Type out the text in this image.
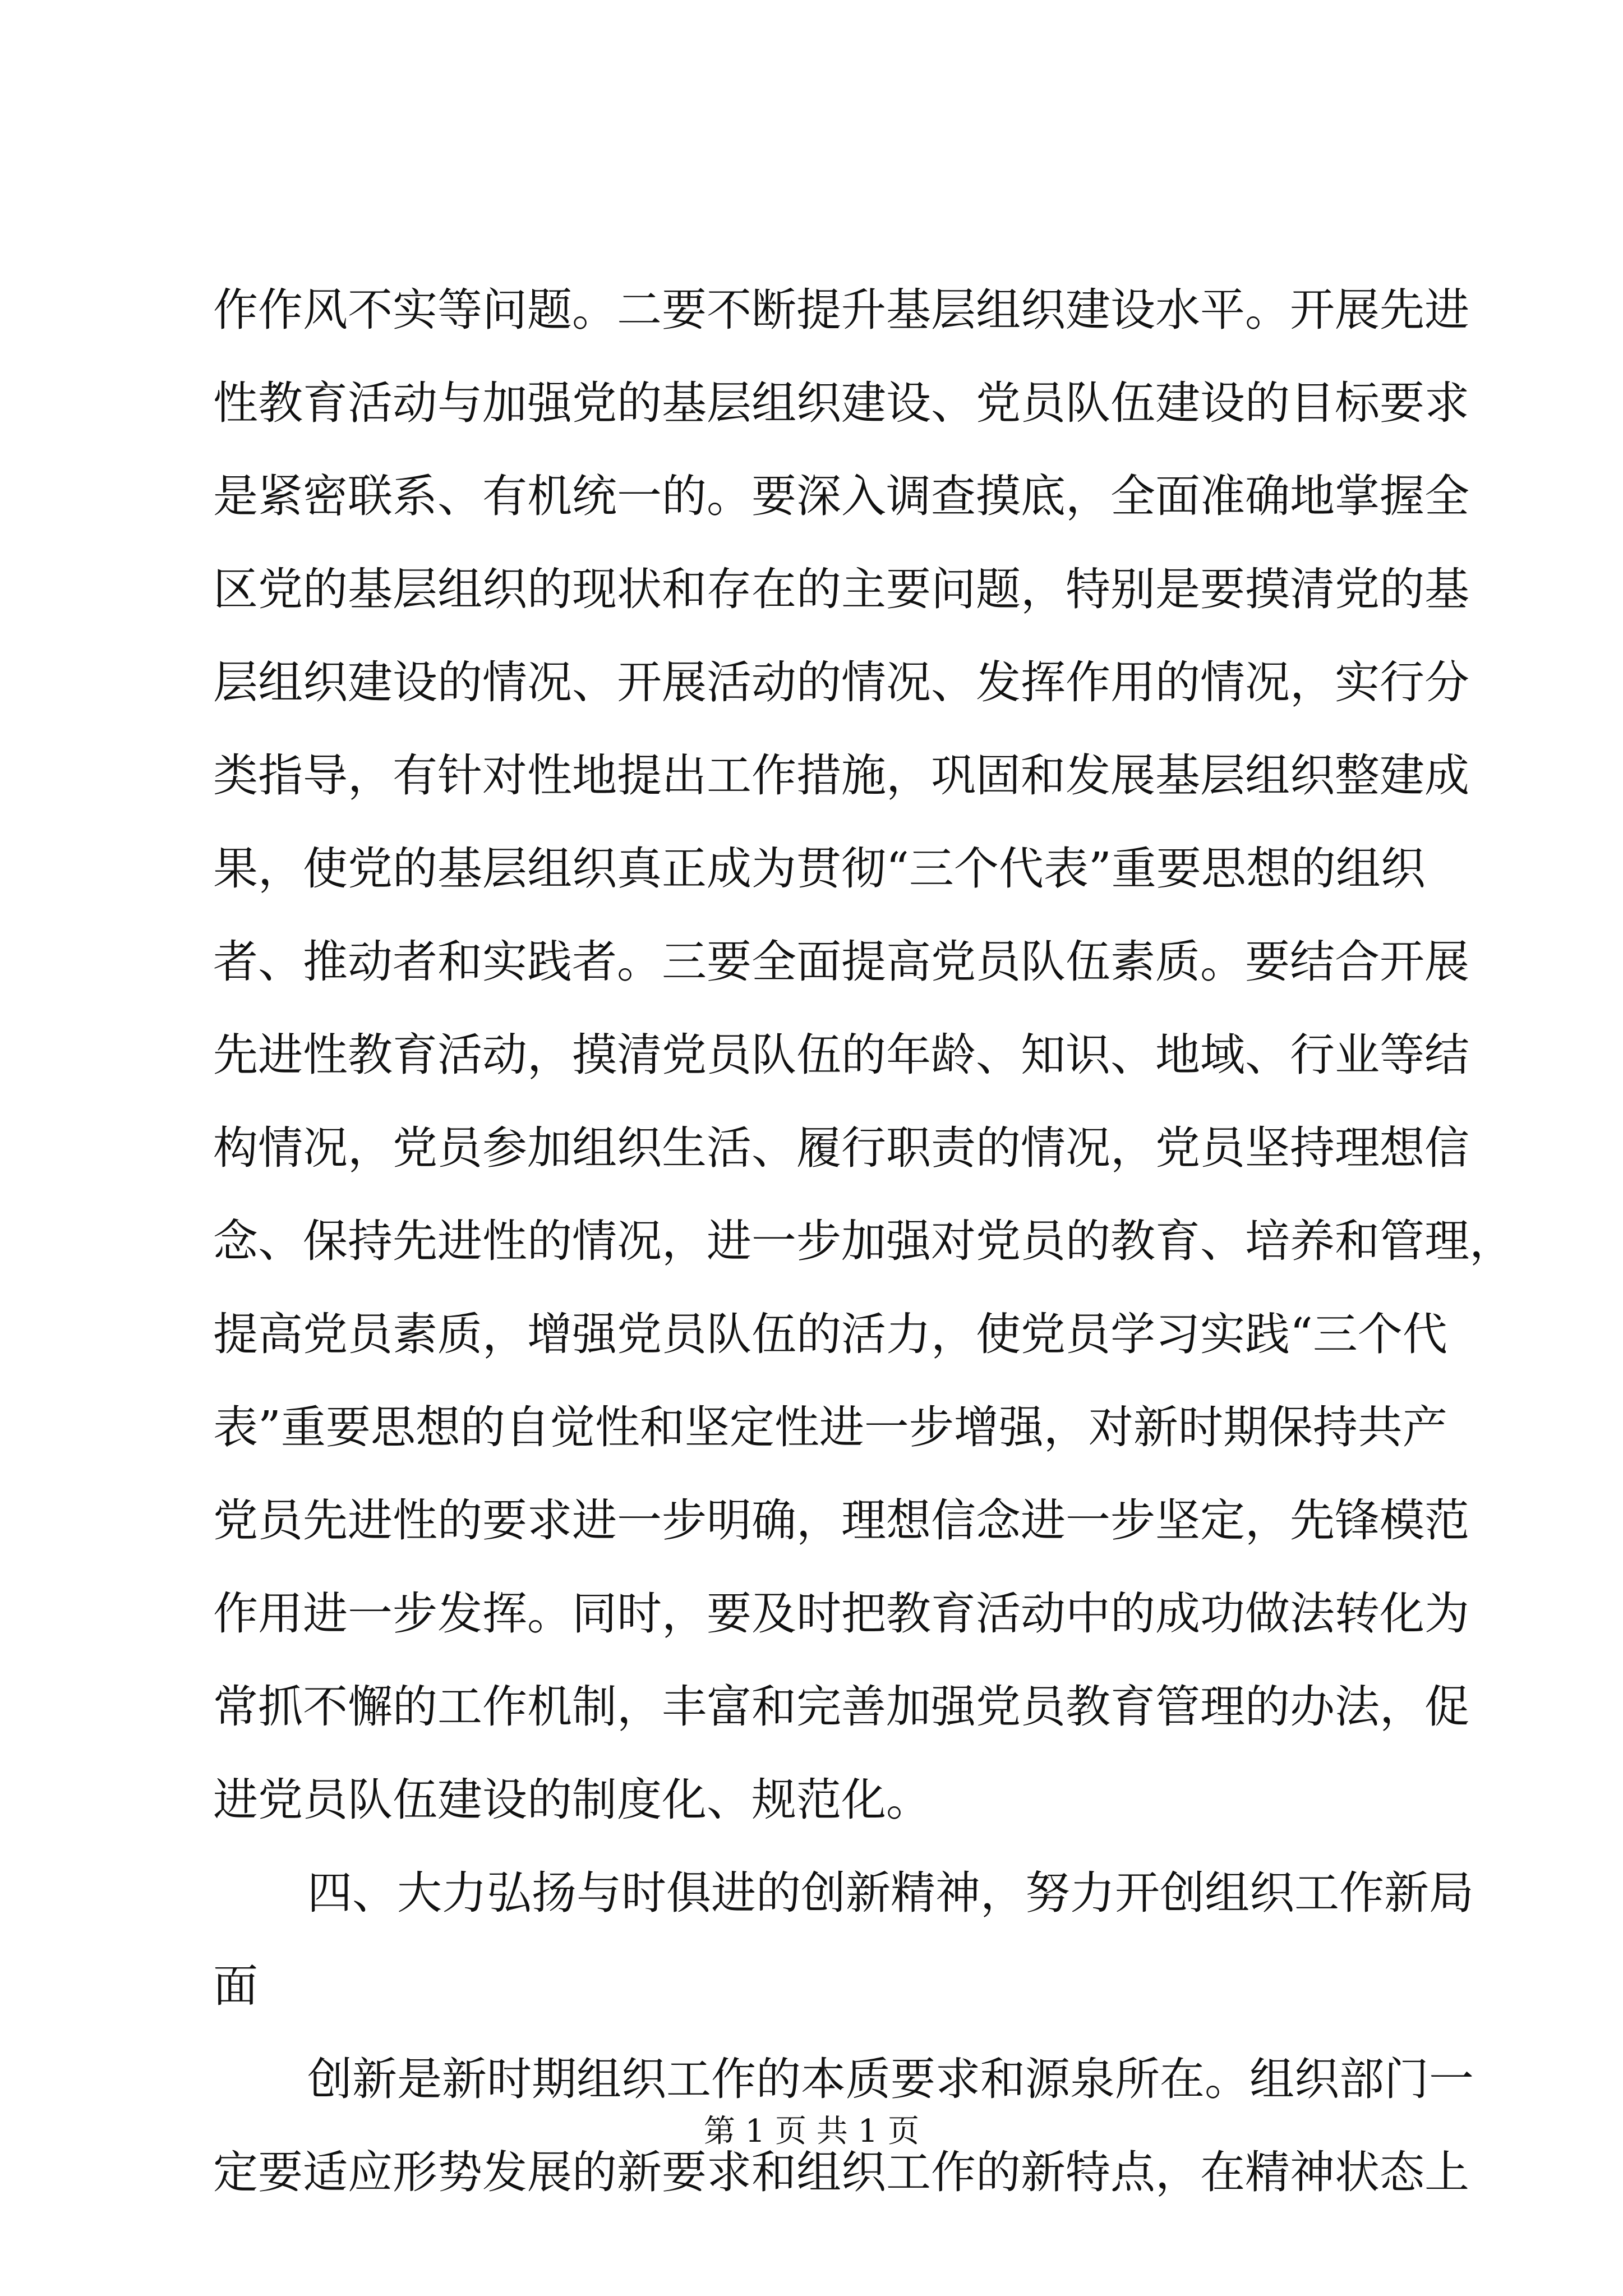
作作风不实等问题。二要不断提升基层组织建设水平。开展先进
性教育活动与加强党的基层组织建设、党员队伍建设的目标要求
是紧密联系、有机统一的。要深入调查摸底，全面准确地掌握全
区党的基层组织的现状和存在的主要问题，特别是要摸清党的基
层组织建设的情况、开展活动的情况、发挥作用的情况，实行分
类指导，有针对性地提出工作措施，巩固和发展基层组织整建成
果，使党的基层组织真正成为贯彻“三个代表”重要思想的组织
者、推动者和实践者。三要全面提高党员队伍素质。要结合开展
先进性教育活动，摸清党员队伍的年龄、知识、地域、行业等结
构情况，党员参加组织生活、履行职责的情况，党员坚持理想信
念、保持先进性的情况，进一步加强对党员的教育、培养和管理，
提高党员素质，增强党员队伍的活力，使党员学习实践“三个代
表”重要思想的自觉性和坚定性进一步增强，对新时期保持共产
党员先进性的要求进一步明确，理想信念进一步坚定，先锋模范
作用进一步发挥。同时，要及时把教育活动中的成功做法转化为
常抓不懈的工作机制，丰富和完善加强党员教育管理的办法，促
进党员队伍建设的制度化、规范化。
四、大力弘扬与时俱进的创新精神，努力开创组织工作新局
面
创新是新时期组织工作的本质要求和源泉所在。组织部门一
定要适应形势发展的新要求和组织工作的新特点，在精神状态上
第 1 页 共 1 页
